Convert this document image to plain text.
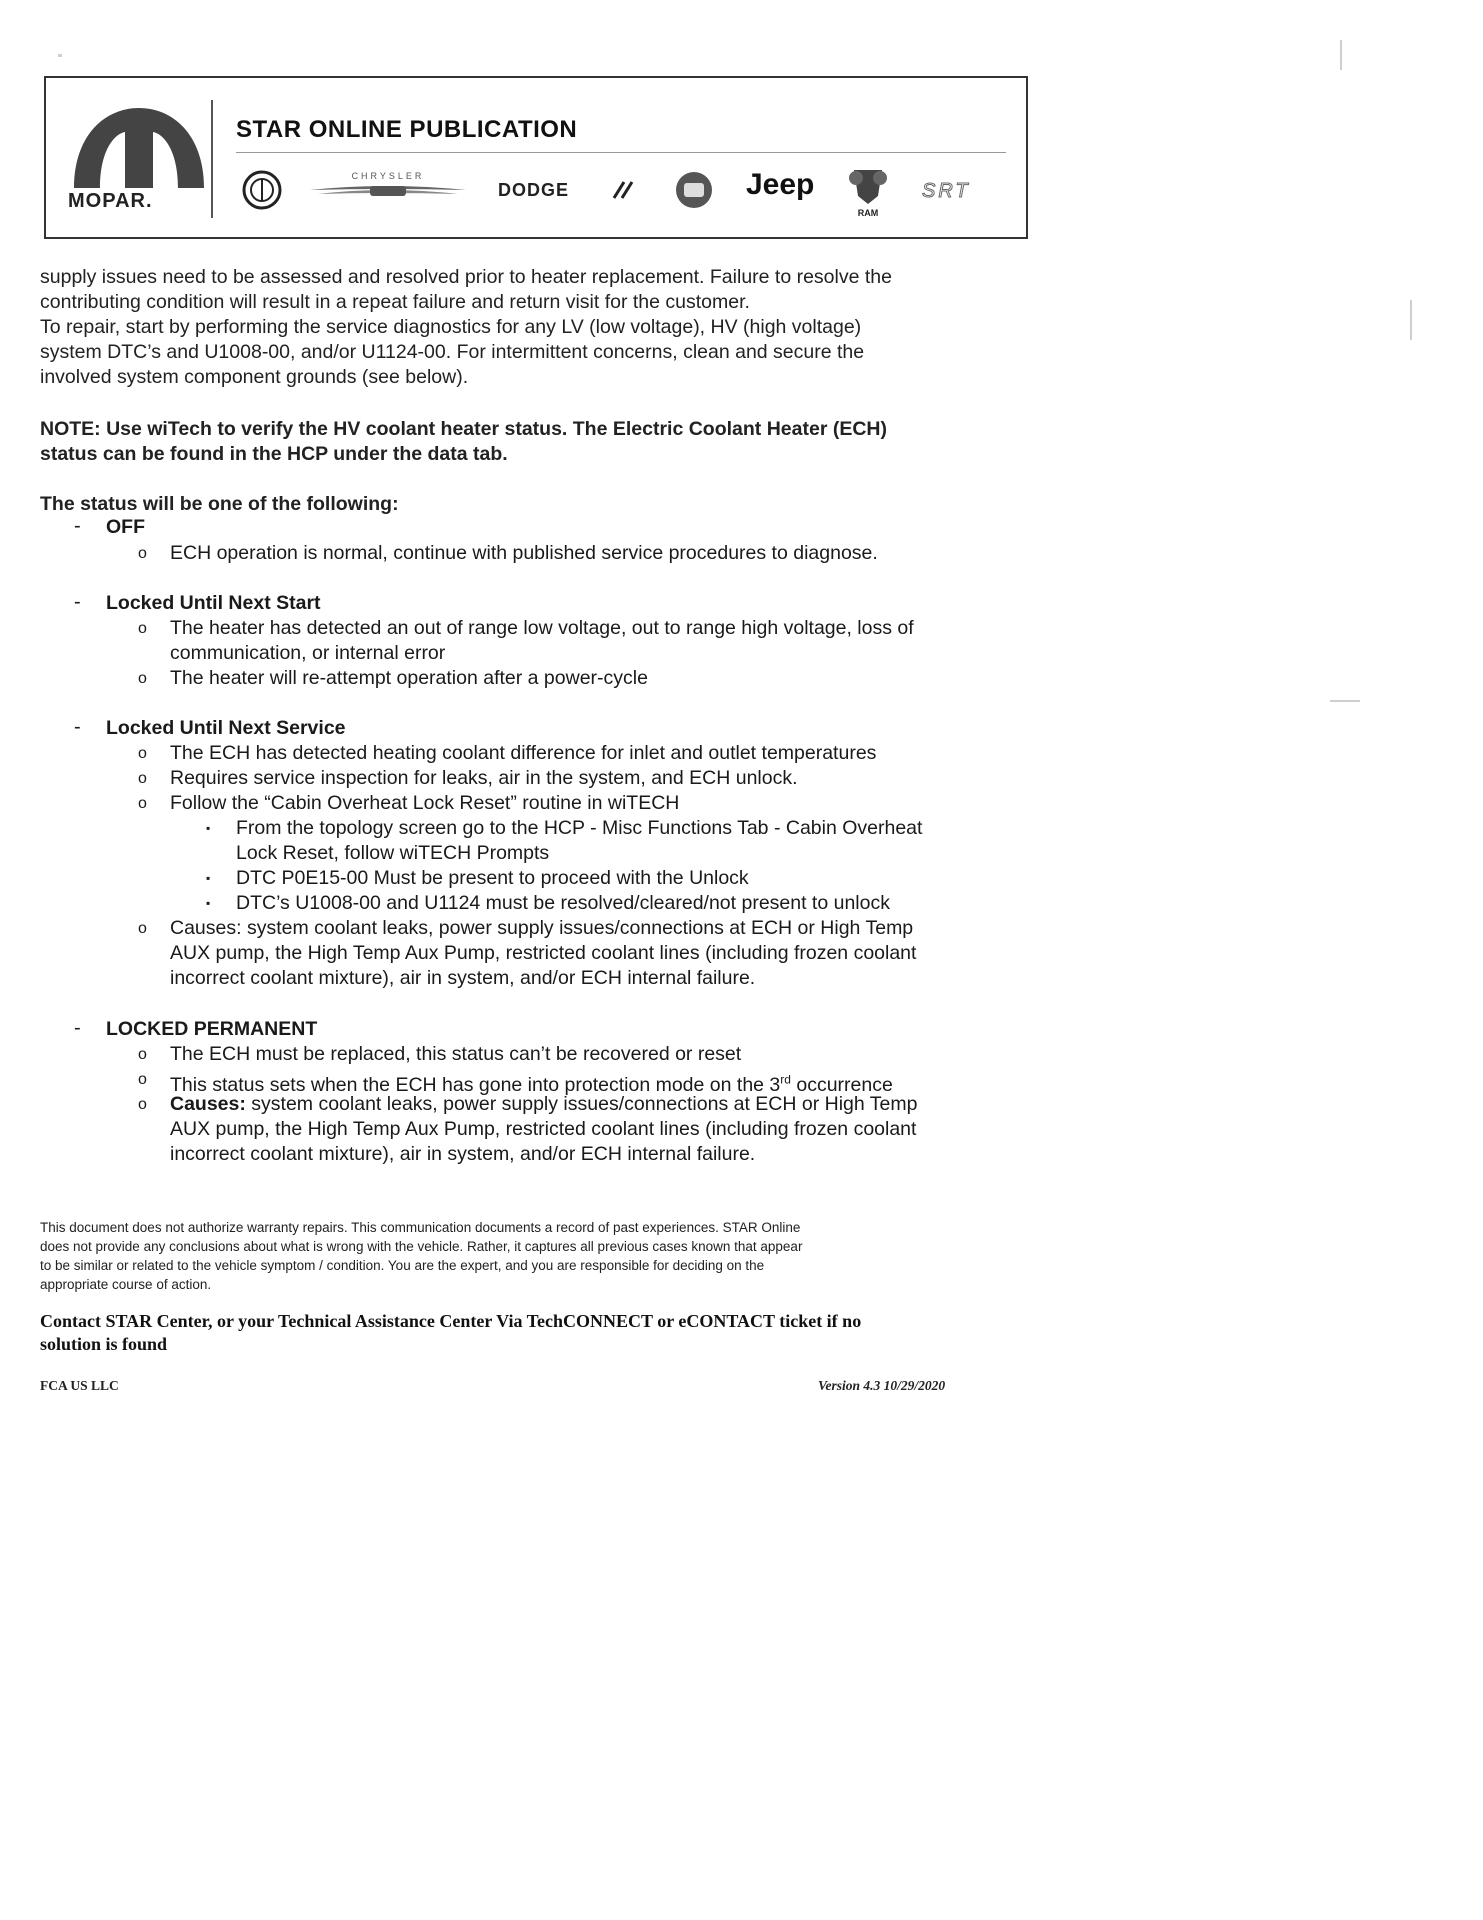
MOPAR.
STAR ONLINE PUBLICATION
CHRYSLER
DODGE	Jeep
RAM
SRT
supply issues need to be assessed and resolved prior to heater replacement. Failure to resolve the
contributing condition will result in a repeat failure and return visit for the customer.
To repair, start by performing the service diagnostics for any LV (low voltage), HV (high voltage)
system DTC’s and U1008-00, and/or U1124-00. For intermittent concerns, clean and secure the
involved system component grounds (see below).
NOTE: Use wiTech to verify the HV coolant heater status. The Electric Coolant Heater (ECH)
status can be found in the HCP under the data tab.
The status will be one of the following:
- OFF
o ECH operation is normal, continue with published service procedures to diagnose.
- Locked Until Next Start
o The heater has detected an out of range low voltage, out to range high voltage, loss of
communication, or internal error
o The heater will re-attempt operation after a power-cycle
- Locked Until Next Service
o The ECH has detected heating coolant difference for inlet and outlet temperatures
o Requires service inspection for leaks, air in the system, and ECH unlock.
o Follow the “Cabin Overheat Lock Reset” routine in wiTECH
▪ From the topology screen go to the HCP - Misc Functions Tab - Cabin Overheat
Lock Reset, follow wiTECH Prompts
▪ DTC P0E15-00 Must be present to proceed with the Unlock
▪ DTC’s U1008-00 and U1124 must be resolved/cleared/not present to unlock
o Causes: system coolant leaks, power supply issues/connections at ECH or High Temp
AUX pump, the High Temp Aux Pump, restricted coolant lines (including frozen coolant
incorrect coolant mixture), air in system, and/or ECH internal failure.
- LOCKED PERMANENT
o The ECH must be replaced, this status can’t be recovered or reset
o This status sets when the ECH has gone into protection mode on the 3rd occurrence
o Causes: system coolant leaks, power supply issues/connections at ECH or High Temp
AUX pump, the High Temp Aux Pump, restricted coolant lines (including frozen coolant
incorrect coolant mixture), air in system, and/or ECH internal failure.
This document does not authorize warranty repairs. This communication documents a record of past experiences. STAR Online
does not provide any conclusions about what is wrong with the vehicle. Rather, it captures all previous cases known that appear
to be similar or related to the vehicle symptom / condition. You are the expert, and you are responsible for deciding on the
appropriate course of action.
Contact STAR Center, or your Technical Assistance Center Via TechCONNECT or eCONTACT ticket if no
solution is found
FCA US LLC	Version 4.3 10/29/2020
